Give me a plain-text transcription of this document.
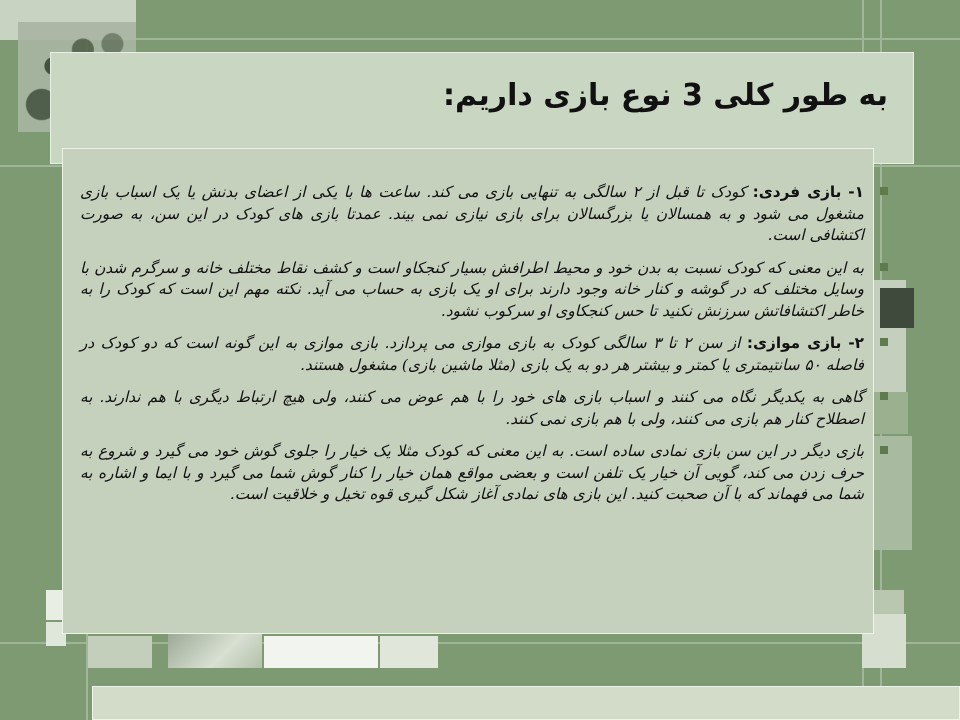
به طور کلی 3 نوع بازی داریم:
۱- بازی فردی: کودک تا قبل از ۲ سالگی به تنهایی بازی می کند. ساعت ها با یکی از اعضای بدنش یا یک اسباب بازی مشغول می شود و به همسالان یا بزرگسالان برای بازی نیازی نمی بیند. عمدتا بازی های کودک در این سن، به صورت اکتشافی است.
به این معنی که کودک نسبت به بدن خود و محیط اطرافش بسیار کنجکاو است و کشف نقاط مختلف خانه و سرگرم شدن با وسایل مختلف که در گوشه و کنار خانه وجود دارند برای او یک بازی به حساب می آید. نکته مهم این است که کودک را به خاطر اکتشافاتش سرزنش نکنید تا حس کنجکاوی او سرکوب نشود.
۲- بازی موازی: از سن ۲ تا ۳ سالگی کودک به بازی موازی می پردازد. بازی موازی به این گونه است که دو کودک در فاصله ۵۰ سانتیمتری یا کمتر و بیشتر هر دو به یک بازی (مثلا ماشین بازی) مشغول هستند.
گاهی به یکدیگر نگاه می کنند و اسباب بازی های خود را با هم عوض می کنند، ولی هیچ ارتباط دیگری با هم ندارند. به اصطلاح کنار هم بازی می کنند، ولی با هم بازی نمی کنند.
بازی دیگر در این سن بازی نمادی ساده است. به این معنی که کودک مثلا یک خیار را جلوی گوش خود می گیرد و شروع به حرف زدن می کند، گویی آن خیار یک تلفن است و بعضی مواقع همان خیار را کنار گوش شما می گیرد و با ایما و اشاره به شما می فهماند که با آن صحبت کنید. این بازی های نمادی آغاز شکل گیری قوه تخیل و خلاقیت است.
